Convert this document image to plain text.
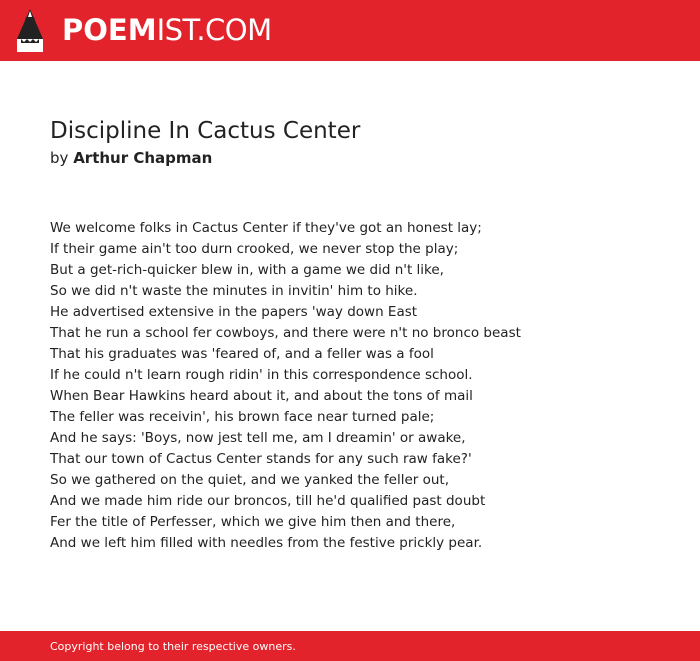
POEMIST.COM
Discipline In Cactus Center
by Arthur Chapman
We welcome folks in Cactus Center if they've got an honest lay;
If their game ain't too durn crooked, we never stop the play;
But a get-rich-quicker blew in, with a game we did n't like,
So we did n't waste the minutes in invitin' him to hike.
He advertised extensive in the papers 'way down East
That he run a school fer cowboys, and there were n't no bronco beast
That his graduates was 'feared of, and a feller was a fool
If he could n't learn rough ridin' in this correspondence school.
When Bear Hawkins heard about it, and about the tons of mail
The feller was receivin', his brown face near turned pale;
And he says: 'Boys, now jest tell me, am I dreamin' or awake,
That our town of Cactus Center stands for any such raw fake?'
So we gathered on the quiet, and we yanked the feller out,
And we made him ride our broncos, till he'd qualified past doubt
Fer the title of Perfesser, which we give him then and there,
And we left him filled with needles from the festive prickly pear.
Copyright belong to their respective owners.
